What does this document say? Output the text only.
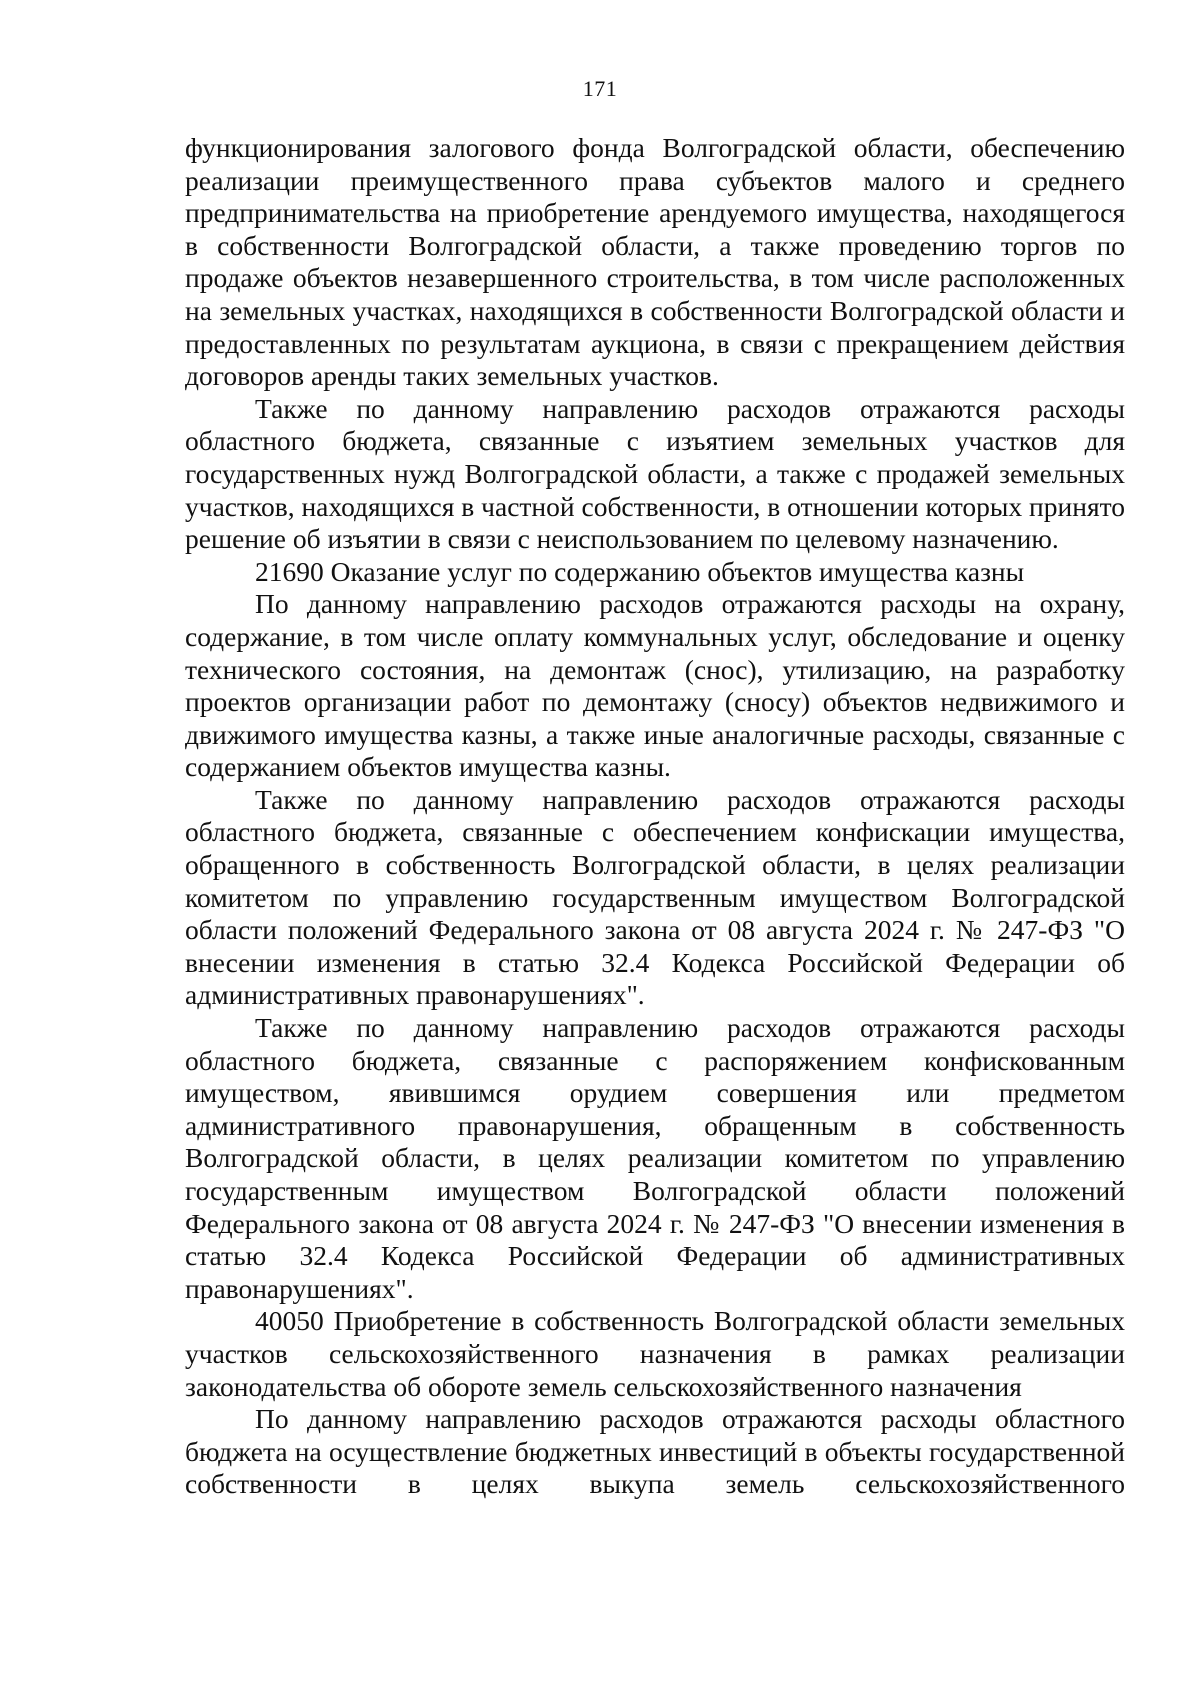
171

функционирования залогового фонда Волгоградской области, обеспечению реализации преимущественного права субъектов малого и среднего предпринимательства на приобретение арендуемого имущества, находящегося в собственности Волгоградской области, а также проведению торгов по продаже объектов незавершенного строительства, в том числе расположенных на земельных участках, находящихся в собственности Волгоградской области и предоставленных по результатам аукциона, в связи с прекращением действия договоров аренды таких земельных участков.

Также по данному направлению расходов отражаются расходы областного бюджета, связанные с изъятием земельных участков для государственных нужд Волгоградской области, а также с продажей земельных участков, находящихся в частной собственности, в отношении которых принято решение об изъятии в связи с неиспользованием по целевому назначению.

21690 Оказание услуг по содержанию объектов имущества казны

По данному направлению расходов отражаются расходы на охрану, содержание, в том числе оплату коммунальных услуг, обследование и оценку технического состояния, на демонтаж (снос), утилизацию, на разработку проектов организации работ по демонтажу (сносу) объектов недвижимого и движимого имущества казны, а также иные аналогичные расходы, связанные с содержанием объектов имущества казны.

Также по данному направлению расходов отражаются расходы областного бюджета, связанные с обеспечением конфискации имущества, обращенного в собственность Волгоградской области, в целях реализации комитетом по управлению государственным имуществом Волгоградской области положений Федерального закона от 08 августа 2024 г. № 247-ФЗ "О внесении изменения в статью 32.4 Кодекса Российской Федерации об административных правонарушениях".

Также по данному направлению расходов отражаются расходы областного бюджета, связанные с распоряжением конфискованным имуществом, явившимся орудием совершения или предметом административного правонарушения, обращенным в собственность Волгоградской области, в целях реализации комитетом по управлению государственным имуществом Волгоградской области положений Федерального закона от 08 августа 2024 г. № 247-ФЗ "О внесении изменения в статью 32.4 Кодекса Российской Федерации об административных правонарушениях".

40050 Приобретение в собственность Волгоградской области земельных участков сельскохозяйственного назначения в рамках реализации законодательства об обороте земель сельскохозяйственного назначения

По данному направлению расходов отражаются расходы областного бюджета на осуществление бюджетных инвестиций в объекты государственной собственности в целях выкупа земель сельскохозяйственного
